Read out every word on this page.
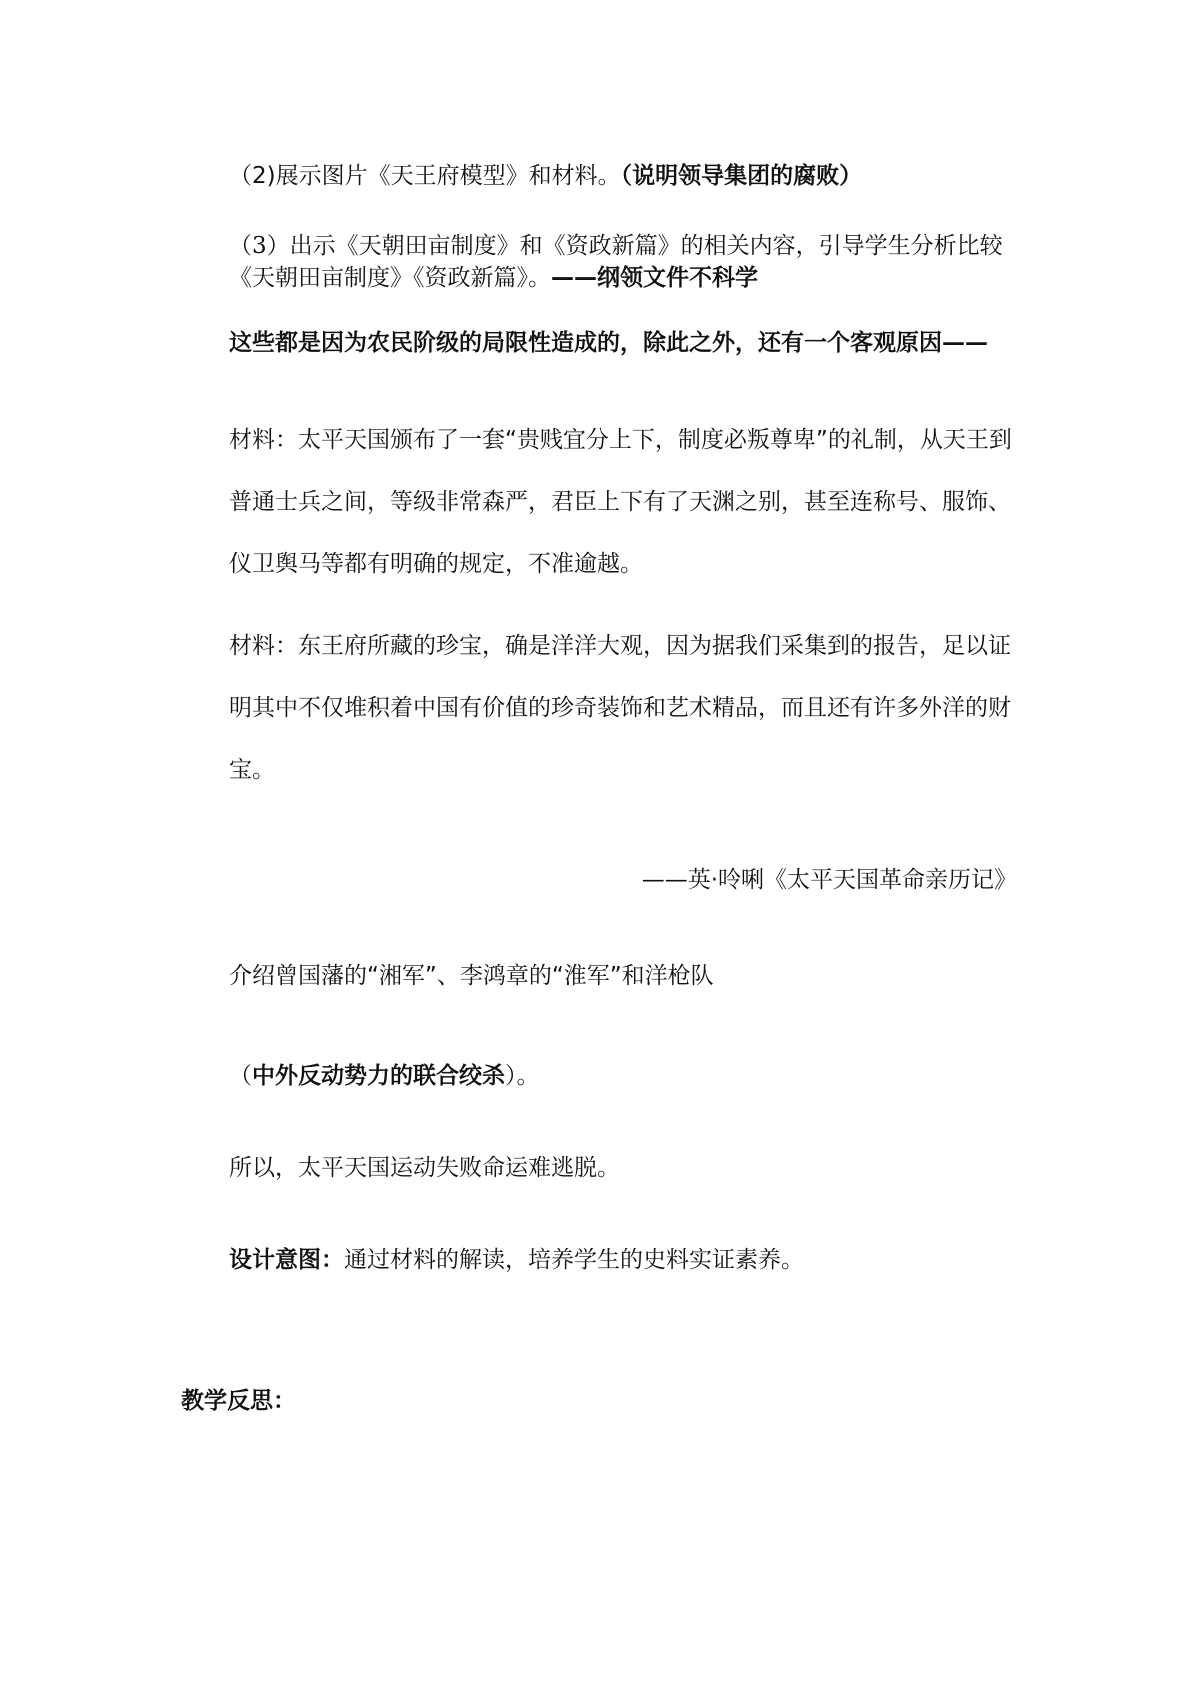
（2)展示图片《天王府模型》和材料。（说明领导集团的腐败）

（3）出示《天朝田亩制度》和《资政新篇》的相关内容，引导学生分析比较《天朝田亩制度》《资政新篇》。——纲领文件不科学

这些都是因为农民阶级的局限性造成的，除此之外，还有一个客观原因——

材料：太平天国颁布了一套“贵贱宜分上下，制度必叛尊卑”的礼制，从天王到普通士兵之间，等级非常森严，君臣上下有了天渊之别，甚至连称号、服饰、仪卫舆马等都有明确的规定，不准逾越。

材料：东王府所藏的珍宝，确是洋洋大观，因为据我们采集到的报告，足以证明其中不仅堆积着中国有价值的珍奇装饰和艺术精品，而且还有许多外洋的财宝。

——英·呤唎《太平天国革命亲历记》

介绍曾国藩的“湘军”、李鸿章的“淮军”和洋枪队

（中外反动势力的联合绞杀）。

所以，太平天国运动失败命运难逃脱。

设计意图：通过材料的解读，培养学生的史料实证素养。

教学反思：
